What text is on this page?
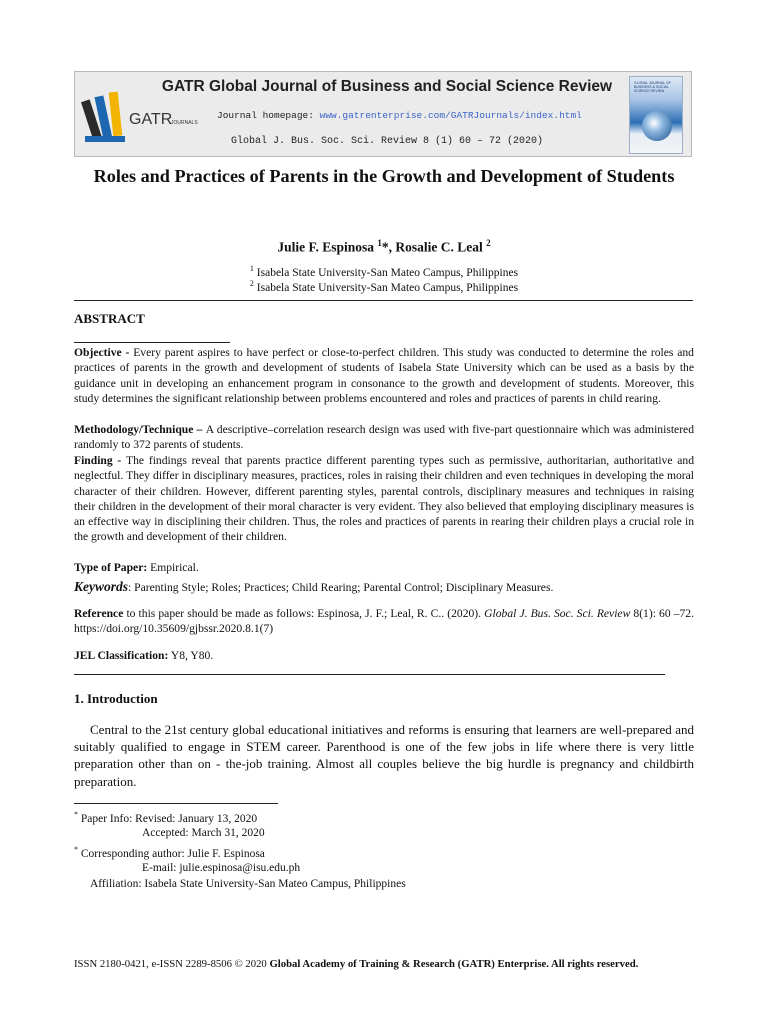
GATR
JOURNALS
GATR Global Journal of Business and Social Science Review
Journal homepage: www.gatrenterprise.com/GATRJournals/index.html
Global J. Bus. Soc. Sci. Review 8 (1) 60 – 72 (2020)
GLOBAL JOURNAL OF BUSINESS & SOCIAL SCIENCE REVIEW
Roles and Practices of Parents in the Growth and Development of Students
Julie F. Espinosa $^1$*, Rosalie C. Leal $^2$
$^1$ Isabela State University-San Mateo Campus, Philippines
$^2$ Isabela State University-San Mateo Campus, Philippines
ABSTRACT
Objective - Every parent aspires to have perfect or close-to-perfect children. This study was conducted to determine the roles and practices of parents in the growth and development of students of Isabela State University which can be used as a basis by the guidance unit in developing an enhancement program in consonance to the growth and development of students. Moreover, this study determines the significant relationship between problems encountered and roles and practices of parents in child rearing.
Methodology/Technique – A descriptive–correlation research design was used with five-part questionnaire which was administered randomly to 372 parents of students.
Finding - The findings reveal that parents practice different parenting types such as permissive, authoritarian, authoritative and neglectful. They differ in disciplinary measures, practices, roles in raising their children and even techniques in developing the moral character of their children. However, different parenting styles, parental controls, disciplinary measures and techniques in raising their children in the development of their moral character is very evident. They also believed that employing disciplinary measures is an effective way in disciplining their children. Thus, the roles and practices of parents in rearing their children plays a crucial role in the growth and development of their children.
Type of Paper: Empirical.
Keywords: Parenting Style; Roles; Practices; Child Rearing; Parental Control; Disciplinary Measures.
Reference to this paper should be made as follows: Espinosa, J. F.; Leal, R. C.. (2020). Global J. Bus. Soc. Sci. Review 8(1): 60 –72. https://doi.org/10.35609/gjbssr.2020.8.1(7)
JEL Classification: Y8, Y80.
1. Introduction
Central to the 21st century global educational initiatives and reforms is ensuring that learners are well-prepared and suitably qualified to engage in STEM career. Parenthood is one of the few jobs in life where there is very little preparation other than on - the-job training. Almost all couples believe the big hurdle is pregnancy and childbirth preparation.
* Paper Info: Revised: January 13, 2020
Accepted: March 31, 2020
* Corresponding author: Julie F. Espinosa
E-mail: julie.espinosa@isu.edu.ph
Affiliation: Isabela State University-San Mateo Campus, Philippines
ISSN 2180-0421, e-ISSN 2289-8506 © 2020 Global Academy of Training & Research (GATR) Enterprise. All rights reserved.
